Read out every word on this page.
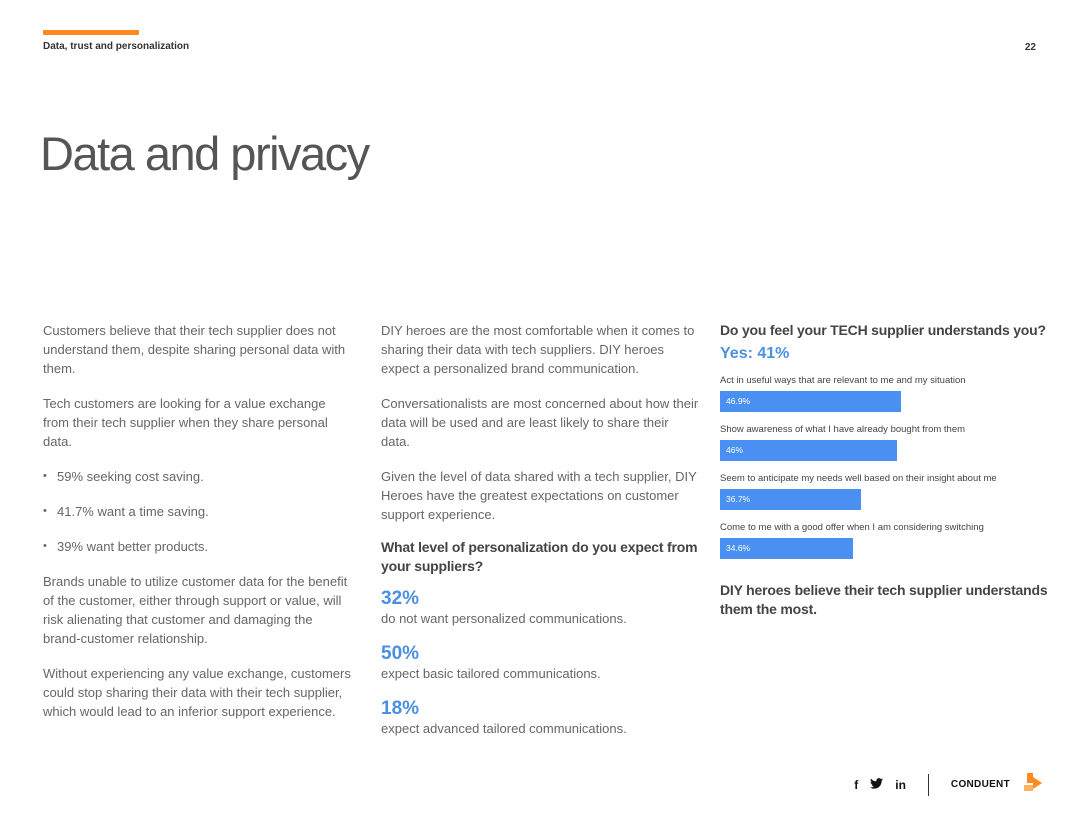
Data, trust and personalization	22
Data and privacy

Customers believe that their tech supplier does not understand them, despite sharing personal data with them.

Tech customers are looking for a value exchange from their tech supplier when they share personal data.

• 59% seeking cost saving.
• 41.7% want a time saving.
• 39% want better products.

Brands unable to utilize customer data for the benefit of the customer, either through support or value, will risk alienating that customer and damaging the brand-customer relationship.

Without experiencing any value exchange, customers could stop sharing their data with their tech supplier, which would lead to an inferior support experience.

DIY heroes are the most comfortable when it comes to sharing their data with tech suppliers. DIY heroes expect a personalized brand communication.

Conversationalists are most concerned about how their data will be used and are least likely to share their data.

Given the level of data shared with a tech supplier, DIY Heroes have the greatest expectations on customer support experience.

What level of personalization do you expect from your suppliers?
32%
do not want personalized communications.
50%
expect basic tailored communications.
18%
expect advanced tailored communications.
Do you feel your TECH supplier understands you?
Yes: 41%
Act in useful ways that are relevant to me and my situation
46.9%
Show awareness of what I have already bought from them
46%
Seem to anticipate my needs well based on their insight about me
36.7%
Come to me with a good offer when I am considering switching
34.6%
DIY heroes believe their tech supplier understands them the most.
f	in	CONDUENT
